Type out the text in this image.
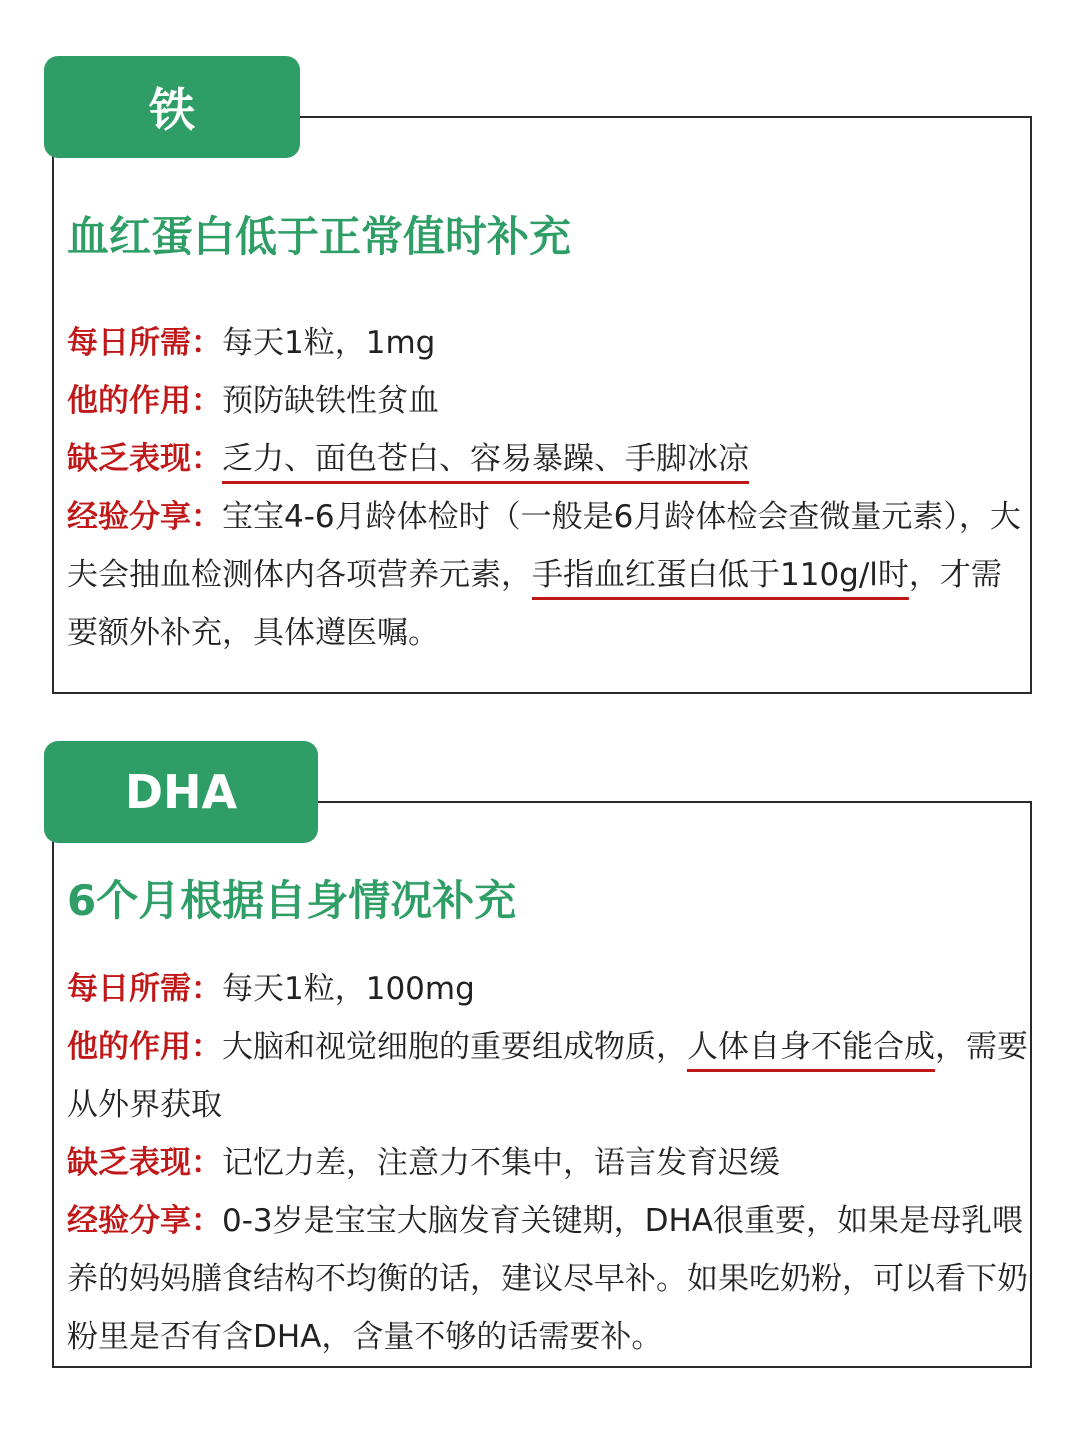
铁
血红蛋白低于正常值时补充
每日所需：每天1粒，1mg
他的作用：预防缺铁性贫血
缺乏表现：乏力、面色苍白、容易暴躁、手脚冰凉
经验分享：宝宝4-6月龄体检时（一般是6月龄体检会查微量元素），大夫会抽血检测体内各项营养元素，手指血红蛋白低于110g/l时，才需要额外补充，具体遵医嘱。
DHA
6个月根据自身情况补充
每日所需：每天1粒，100mg
他的作用：大脑和视觉细胞的重要组成物质，人体自身不能合成，需要从外界获取
缺乏表现：记忆力差，注意力不集中，语言发育迟缓
经验分享：0-3岁是宝宝大脑发育关键期，DHA很重要，如果是母乳喂养的妈妈膳食结构不均衡的话，建议尽早补。如果吃奶粉，可以看下奶粉里是否有含DHA，含量不够的话需要补。
